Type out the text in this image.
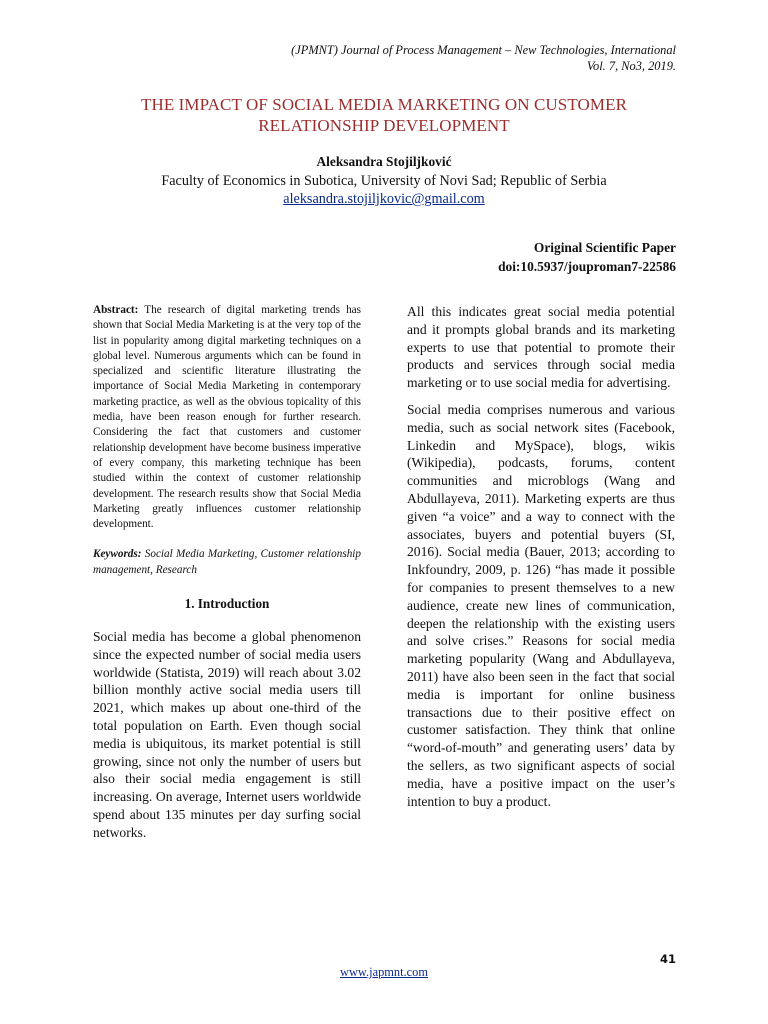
(JPMNT) Journal of Process Management – New Technologies, International
Vol. 7, No3, 2019.
THE IMPACT OF SOCIAL MEDIA MARKETING ON CUSTOMER
RELATIONSHIP DEVELOPMENT
Aleksandra Stojiljković
Faculty of Economics in Subotica, University of Novi Sad; Republic of Serbia
aleksandra.stojiljkovic@gmail.com
Original Scientific Paper
doi:10.5937/jouproman7-22586

Abstract: The research of digital marketing trends has shown that Social Media Marketing is at the very top of the list in popularity among digital marketing techniques on a global level. Numerous arguments which can be found in specialized and scientific literature illustrating the importance of Social Media Marketing in contemporary marketing practice, as well as the obvious topicality of this media, have been reason enough for further research. Considering the fact that customers and customer relationship development have become business imperative of every company, this marketing technique has been studied within the context of customer relationship development. The research results show that Social Media Marketing greatly influences customer relationship development.

Keywords: Social Media Marketing, Customer relationship management, Research

1. Introduction

Social media has become a global phenomenon since the expected number of social media users worldwide (Statista, 2019) will reach about 3.02 billion monthly active social media users till 2021, which makes up about one-third of the total population on Earth. Even though social media is ubiquitous, its market potential is still growing, since not only the number of users but also their social media engagement is still increasing. On average, Internet users worldwide spend about 135 minutes per day surfing social networks.

All this indicates great social media potential and it prompts global brands and its marketing experts to use that potential to promote their products and services through social media marketing or to use social media for advertising.

Social media comprises numerous and various media, such as social network sites (Facebook, Linkedin and MySpace), blogs, wikis (Wikipedia), podcasts, forums, content communities and microblogs (Wang and Abdullayeva, 2011). Marketing experts are thus given “a voice” and a way to connect with the associates, buyers and potential buyers (SI, 2016). Social media (Bauer, 2013; according to Inkfoundry, 2009, p. 126) “has made it possible for companies to present themselves to a new audience, create new lines of communication, deepen the relationship with the existing users and solve crises.” Reasons for social media marketing popularity (Wang and Abdullayeva, 2011) have also been seen in the fact that social media is important for online business transactions due to their positive effect on customer satisfaction. They think that online “word-of-mouth” and generating users’ data by the sellers, as two significant aspects of social media, have a positive impact on the user’s intention to buy a product.

41
www.japmnt.com
